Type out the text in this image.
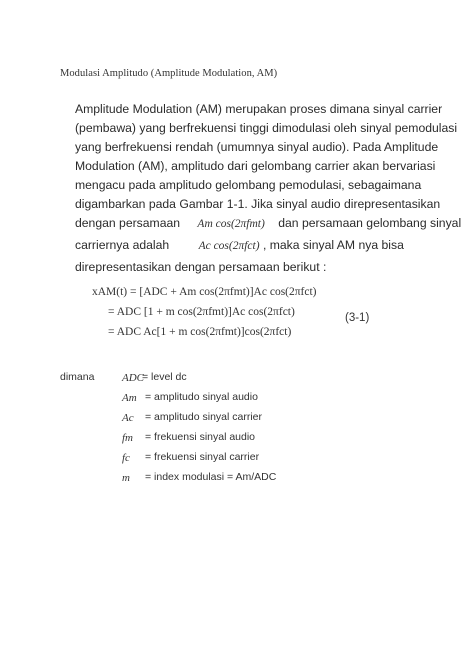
Modulasi Amplitudo (Amplitude Modulation, AM)
Amplitude Modulation (AM) merupakan proses dimana sinyal carrier
(pembawa) yang berfrekuensi tinggi dimodulasi oleh sinyal pemodulasi
yang berfrekuensi rendah (umumnya sinyal audio). Pada Amplitude
Modulation (AM), amplitudo dari gelombang carrier akan bervariasi
mengacu pada amplitudo gelombang pemodulasi, sebagaimana
digambarkan pada Gambar 1-1. Jika sinyal audio direpresentasikan
dengan persamaan Am cos(2πfmt) dan persamaan gelombang sinyal
carriernya adalah	Ac cos(2πfct) , maka sinyal AM nya bisa
direpresentasikan dengan persamaan berikut :
xAM(t) = [ADC + Am cos(2πfmt)]Ac cos(2πfct)
= ADC [1 + m cos(2πfmt)]Ac cos(2πfct)
= ADC Ac[1 + m cos(2πfmt)]cos(2πfct)
(3-1)
dimana	ADC
= level dc
Am = amplitudo sinyal audio
Ac = amplitudo sinyal carrier
fm = frekuensi sinyal audio
fc = frekuensi sinyal carrier
m = index modulasi = Am/ADC
